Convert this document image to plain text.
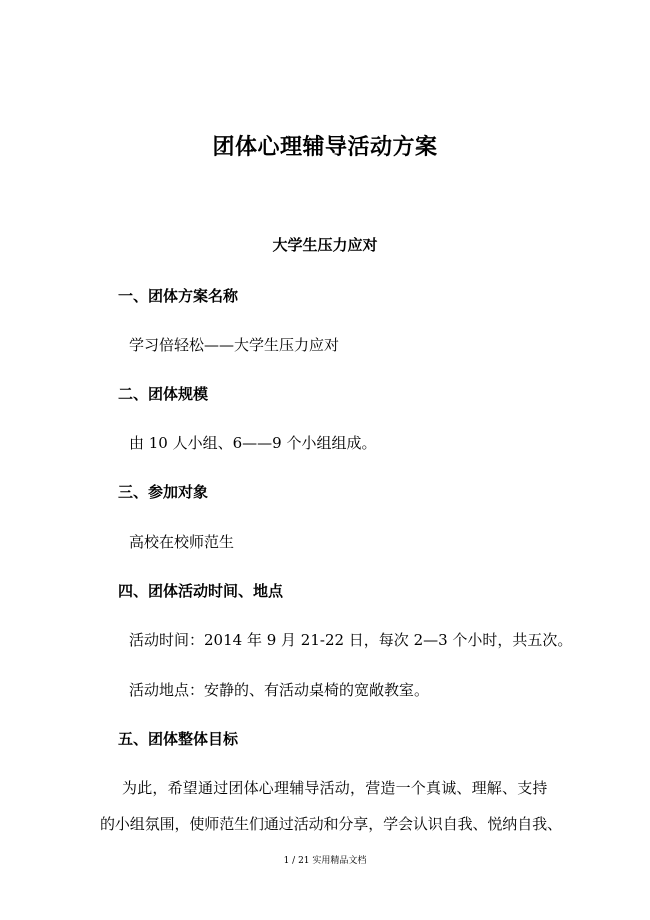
团体心理辅导活动方案
大学生压力应对
一、团体方案名称
学习倍轻松——大学生压力应对
二、团体规模
由 10 人小组、6——9 个小组组成。
三、参加对象
高校在校师范生
四、团体活动时间、地点
活动时间：2014 年 9 月 21-22 日，每次 2—3 个小时，共五次。
活动地点：安静的、有活动桌椅的宽敞教室。
五、团体整体目标
为此，希望通过团体心理辅导活动，营造一个真诚、理解、支持
的小组氛围，使师范生们通过活动和分享，学会认识自我、悦纳自我、
1 / 21 实用精品文档
